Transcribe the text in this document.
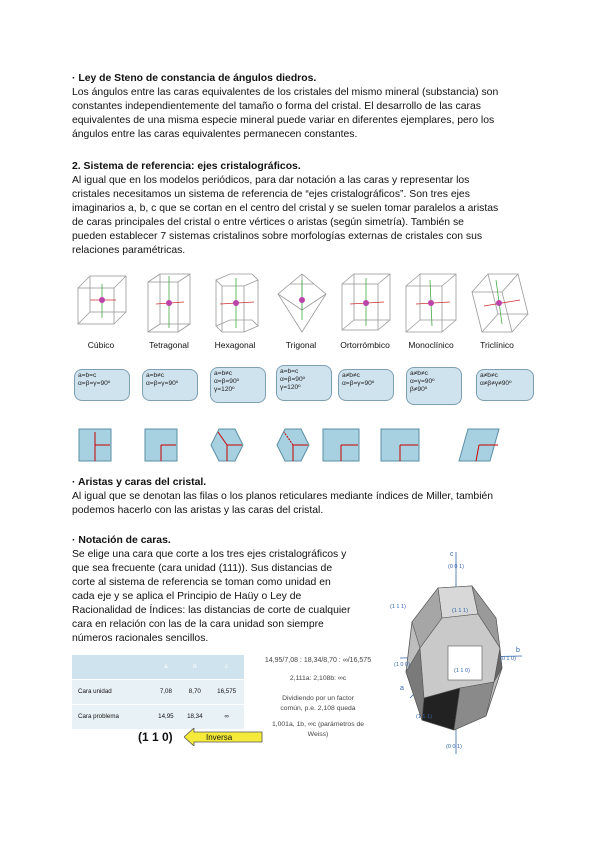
· Ley de Steno de constancia de ángulos diedros.

Los ángulos entre las caras equivalentes de los cristales del mismo mineral (substancia) son

constantes independientemente del tamaño o forma del cristal. El desarrollo de las caras

equivalentes de una misma especie mineral puede variar en diferentes ejemplares, pero los

ángulos entre las caras equivalentes permanecen constantes.

2. Sistema de referencia: ejes cristalográficos.

Al igual que en los modelos periódicos, para dar notación a las caras y representar los

cristales necesitamos un sistema de referencia de “ejes cristalográficos”. Son tres ejes

imaginarios a, b, c que se cortan en el centro del cristal y se suelen tomar paralelos a aristas

de caras principales del cristal o entre vértices o aristas (según simetría). También se

pueden establecer 7 sistemas cristalinos sobre morfologías externas de cristales con sus

relaciones paramétricas.

Cúbico	Tetragonal	Hexagonal	Trigonal	Ortorrómbico	Monoclínico	Triclínico
a=b=c
α=β=γ=90º
a=b≠c
α=β=γ=90º
a=b≠c
α=β=90º
γ=120º
a=b=c
α=β=90º
γ=120º
a≠b≠c
α=β=γ=90º
a≠b≠c
α=γ=90º
β≠90º
a≠b≠c
α≠β≠γ≠90º

· Aristas y caras del cristal.

Al igual que se denotan las filas o los planos reticulares mediante índices de Miller, también

podemos hacerlo con las aristas y las caras del cristal.

· Notación de caras.

Se elige una cara que corte a los tres ejes cristalográficos y

que sea frecuente (cara unidad (111)). Sus distancias de

corte al sistema de referencia se toman como unidad en

cada eje y se aplica el Principio de Haüy o Ley de

Racionalidad de Índices: las distancias de corte de cualquier

cara en relación con las de la cara unidad son siempre

números racionales sencillos.

	a	b	c
Cara unidad	7,08	8,70	16,575
Cara problema	14,95	18,34	∞
14,95/7,08 : 18,34/8,70 : ∞/16,575
2,111a: 2,108b: ∞c
Dividiendo por un factor
común, p.e. 2,108 queda
1,001a, 1b, ∞c (parámetros de
Weiss)
(1 1 0)	Inversa
c
(0 0 1)
(1 1 1)
(1 1 1)
(1 0 0)
(1 1 0)
(0 1 0)
b
a
(1 1 1)
(0 0 1)
